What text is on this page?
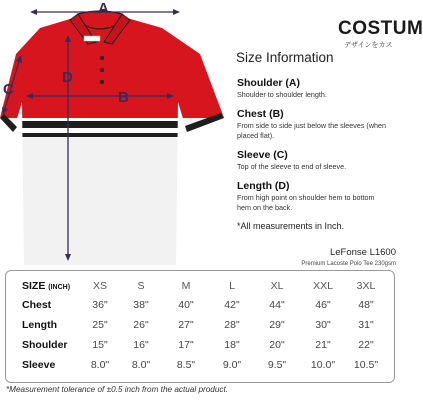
A
B
C
D
COSTUM
デザインをカス
Size Information
Shoulder (A)
Shoulder to shoulder length.
Chest (B)
From side to side just below the sleeves (when placed flat).
Sleeve (C)
Top of the sleeve to end of sleeve.
Length (D)
From high point on shoulder hem to bottom hem on the back.
*All measurements in Inch.
LeFonse L1600
Premium Lacoste Polo Tee 230gsm
SIZE (INCH)	XS	S	M	L	XL	XXL	3XL
Chest	36"	38"	40"	42"	44"	46"	48"
Length	25"	26"	27"	28"	29"	30"	31"
Shoulder	15"	16"	17"	18"	20"	21"	22"
Sleeve	8.0"	8.0"	8.5"	9.0"	9.5"	10.0"	10.5"
*Measurement tolerance of ±0.5 inch from the actual product.
